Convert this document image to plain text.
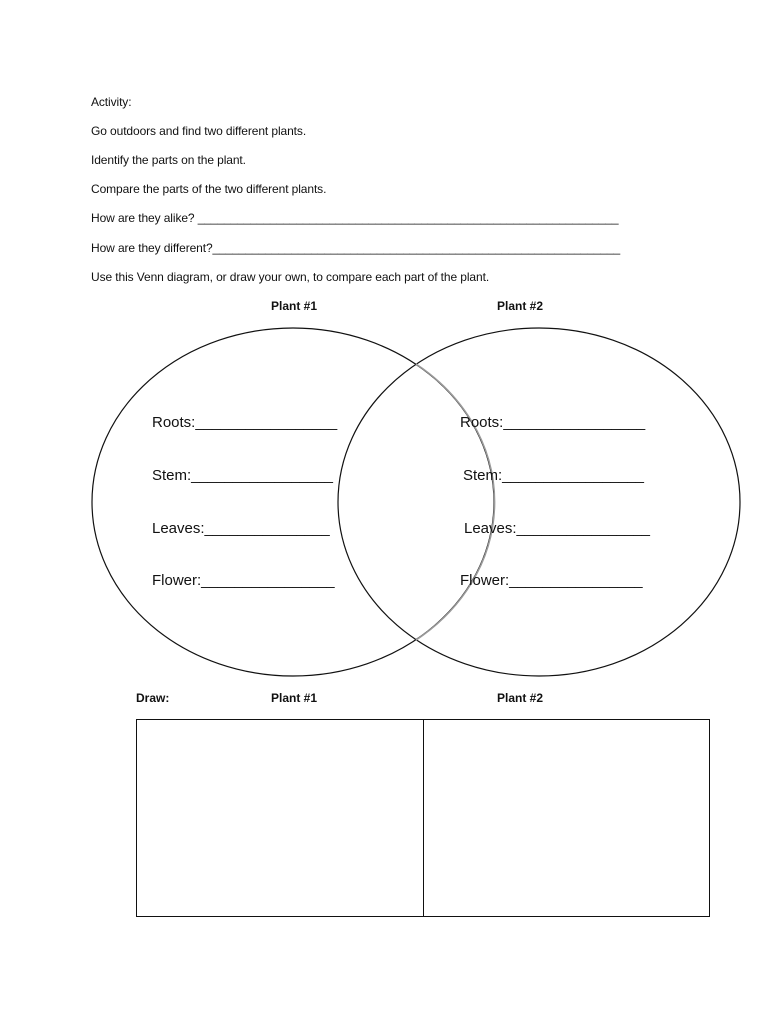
Activity:
Go outdoors and find two different plants.
Identify the parts on the plant.
Compare the parts of the two different plants.
How are they alike? ________________________________________________________________
How are they different?______________________________________________________________
Use this Venn diagram, or draw your own, to compare each part of the plant.
Plant #1	Plant #2
Roots:_________________
Stem:_________________
Leaves:_______________
Flower:________________
Roots:_________________
Stem:_________________
Leaves:________________
Flower:________________
Draw:	Plant #1	Plant #2
